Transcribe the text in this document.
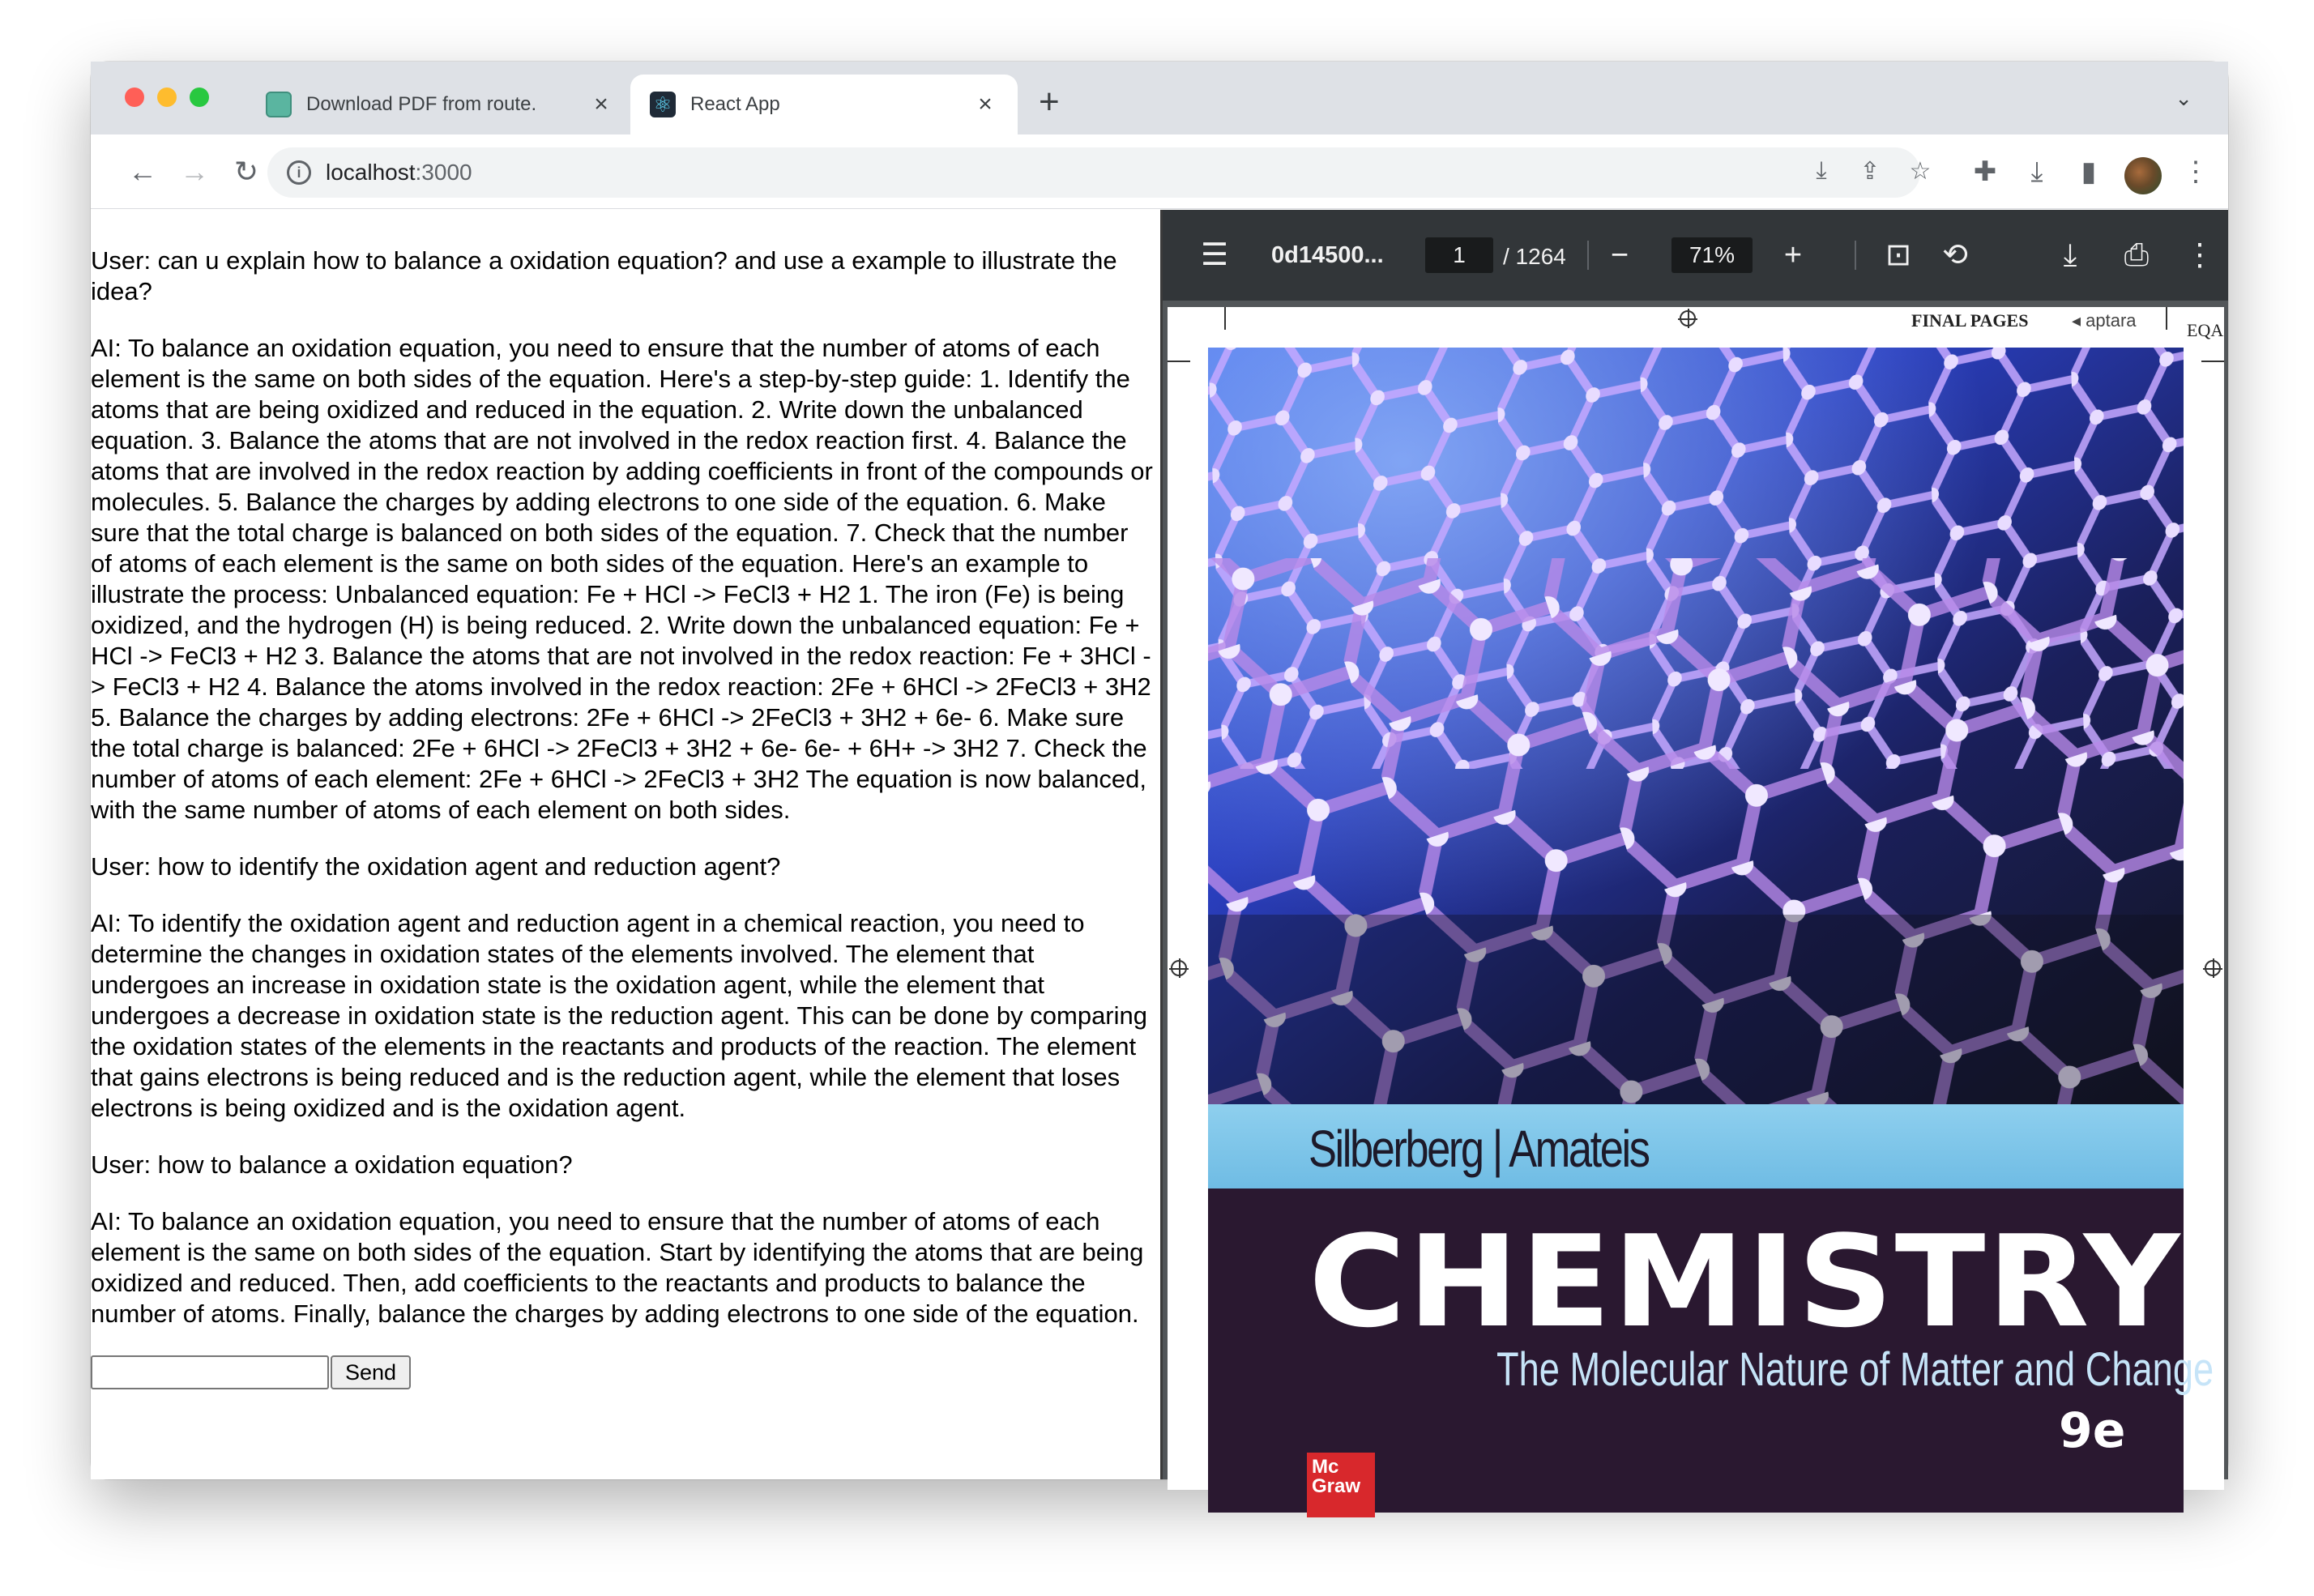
Download PDF from route.	× ⚛ React App	× +	⌄
← → ↻	i	localhost :3000	⤓	⇪	☆ ✚	⤓	▮	⋮

User: can u explain how to balance a oxidation equation? and use a example to illustrate the idea?

AI: To balance an oxidation equation, you need to ensure that the number of atoms of each element is the same on both sides of the equation. Here's a step-by-step guide: 1. Identify the atoms that are being oxidized and reduced in the equation. 2. Write down the unbalanced equation. 3. Balance the atoms that are not involved in the redox reaction first. 4. Balance the atoms that are involved in the redox reaction by adding coefficients in front of the compounds or molecules. 5. Balance the charges by adding electrons to one side of the equation. 6. Make sure that the total charge is balanced on both sides of the equation. 7. Check that the number of atoms of each element is the same on both sides of the equation. Here's an example to illustrate the process: Unbalanced equation: Fe + HCl -> FeCl3 + H2 1. The iron (Fe) is being oxidized, and the hydrogen (H) is being reduced. 2. Write down the unbalanced equation: Fe + HCl -> FeCl3 + H2 3. Balance the atoms that are not involved in the redox reaction: Fe + 3HCl -> FeCl3 + H2 4. Balance the atoms involved in the redox reaction: 2Fe + 6HCl -> 2FeCl3 + 3H2 5. Balance the charges by adding electrons: 2Fe + 6HCl -> 2FeCl3 + 3H2 + 6e- 6. Make sure the total charge is balanced: 2Fe + 6HCl -> 2FeCl3 + 3H2 + 6e- 6e- + 6H+ -> 3H2 7. Check the number of atoms of each element: 2Fe + 6HCl -> 2FeCl3 + 3H2 The equation is now balanced, with the same number of atoms of each element on both sides.

User: how to identify the oxidation agent and reduction agent?

AI: To identify the oxidation agent and reduction agent in a chemical reaction, you need to determine the changes in oxidation states of the elements involved. The element that undergoes an increase in oxidation state is the oxidation agent, while the element that undergoes a decrease in oxidation state is the reduction agent. This can be done by comparing the oxidation states of the elements in the reactants and products of the reaction. The element that gains electrons is being reduced and is the reduction agent, while the element that loses electrons is being oxidized and is the oxidation agent.

User: how to balance a oxidation equation?

AI: To balance an oxidation equation, you need to ensure that the number of atoms of each element is the same on both sides of the equation. Start by identifying the atoms that are being oxidized and reduced. Then, add coefficients to the reactants and products to balance the number of atoms. Finally, balance the charges by adding electrons to one side of the equation.

Send
☰	0d14500...
1	/ 1264	−
71%	+	⊡ ⟲	⤓	⎙ ⋮
FINAL PAGES ◂ aptara	EQA
Silberberg | Amateis
CHEMISTRY
The Molecular Nature of Matter and Change
9e
Mc Graw
